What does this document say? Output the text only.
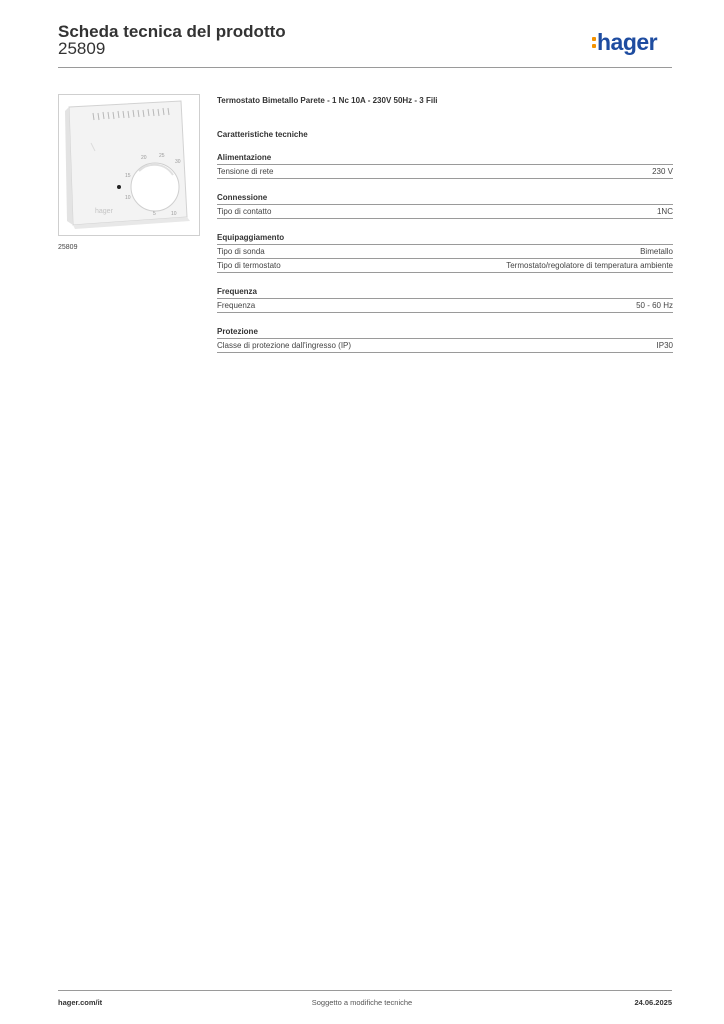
Scheda tecnica del prodotto
25809	hager
20 25
30
15
10
5	10
hager
25809
Termostato Bimetallo Parete - 1 Nc 10A - 230V 50Hz - 3 Fili
Caratteristiche tecniche
Alimentazione
Tensione di rete	230 V
Connessione
Tipo di contatto	1NC
Equipaggiamento
Tipo di sonda	Bimetallo
Tipo di termostato	Termostato/regolatore di temperatura ambiente
Frequenza
Frequenza	50 - 60 Hz
Protezione
Classe di protezione dall'ingresso (IP)	IP30
Soggetto a modifiche tecniche
hager.com/it	24.06.2025
